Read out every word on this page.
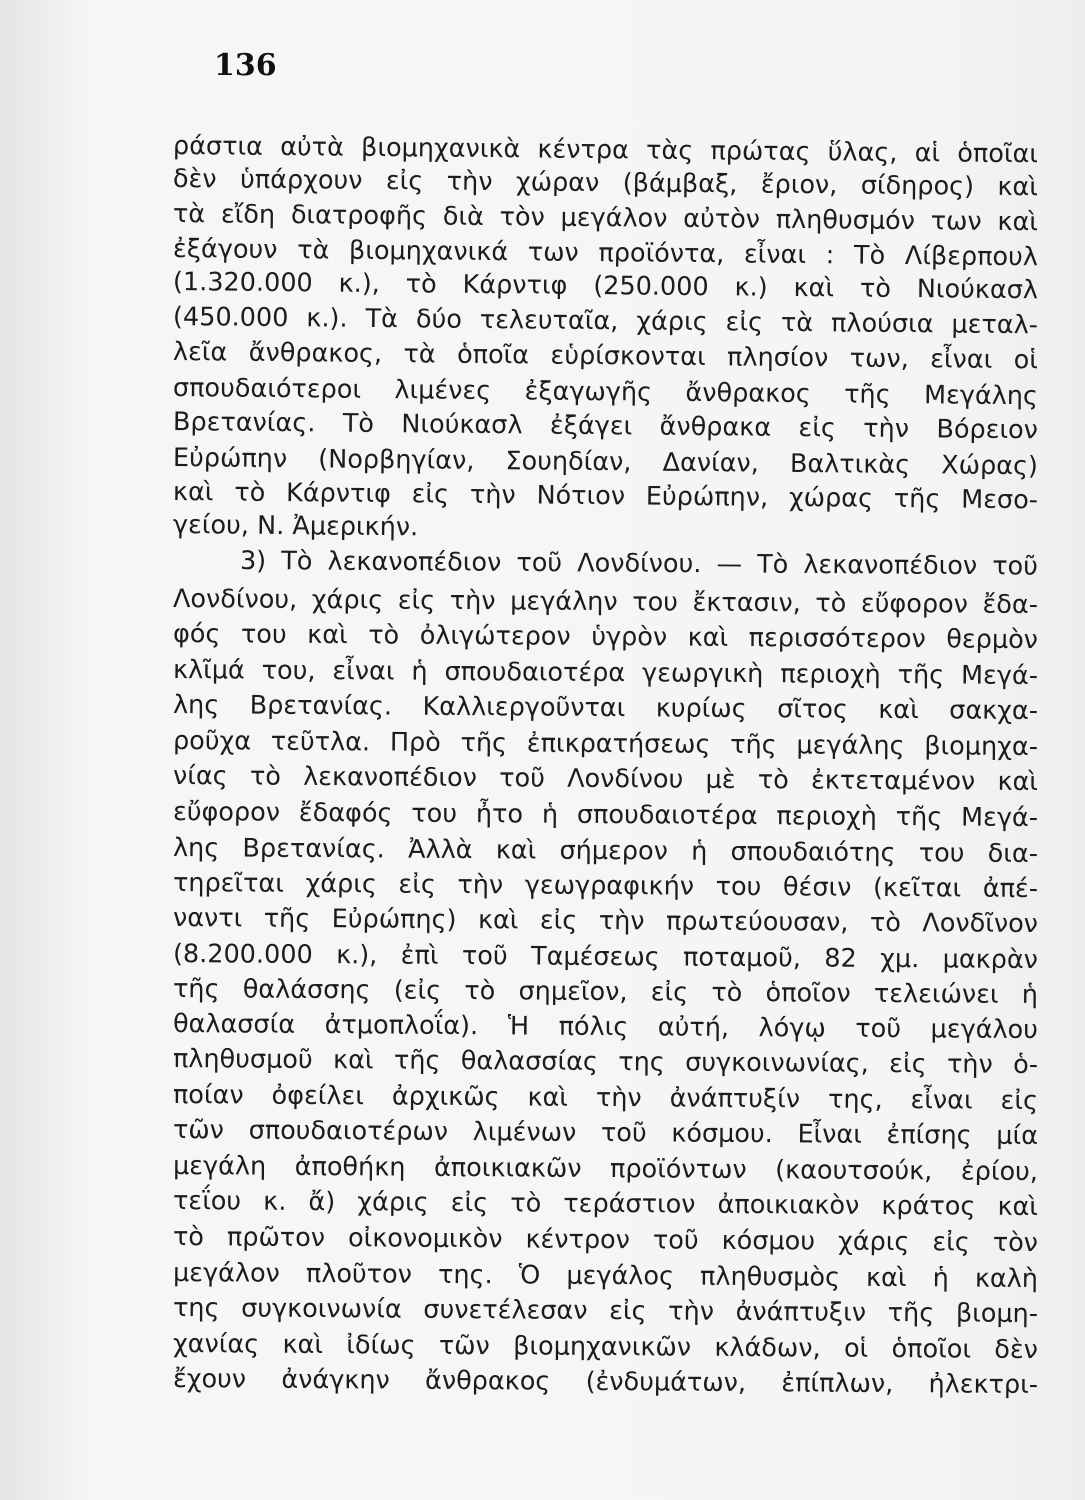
136
ράστια αὐτὰ βιομηχανικὰ κέντρα τὰς πρώτας ὕλας, αἱ ὁποῖαι
δὲν ὑπάρχουν εἰς τὴν χώραν (βάμβαξ, ἔριον, σίδηρος) καὶ
τὰ εἴδη διατροφῆς διὰ τὸν μεγάλον αὐτὸν πληθυσμόν των καὶ
ἐξάγουν τὰ βιομηχανικά των προϊόντα, εἶναι : Τὸ Λίβερπουλ
(1.320.000 κ.), τὸ Κάρντιφ (250.000 κ.) καὶ τὸ Νιούκασλ
(450.000 κ.). Τὰ δύο τελευταῖα, χάρις εἰς τὰ πλούσια μεταλ-
λεῖα ἄνθρακος, τὰ ὁποῖα εὑρίσκονται πλησίον των, εἶναι οἱ
σπουδαιότεροι λιμένες ἐξαγωγῆς ἄνθρακος τῆς Μεγάλης
Βρετανίας. Τὸ Νιούκασλ ἐξάγει ἄνθρακα εἰς τὴν Βόρειον
Εὐρώπην (Νορβηγίαν, Σουηδίαν, Δανίαν, Βαλτικὰς Χώρας)
καὶ τὸ Κάρντιφ εἰς τὴν Νότιον Εὐρώπην, χώρας τῆς Μεσο-
γείου, Ν. Ἀμερικήν.
3) Τὸ λεκανοπέδιον τοῦ Λονδίνου. — Τὸ λεκανοπέδιον τοῦ
Λονδίνου, χάρις εἰς τὴν μεγάλην του ἔκτασιν, τὸ εὔφορον ἔδα-
φός του καὶ τὸ ὀλιγώτερον ὑγρὸν καὶ περισσότερον θερμὸν
κλῖμά του, εἶναι ἡ σπουδαιοτέρα γεωργικὴ περιοχὴ τῆς Μεγά-
λης Βρετανίας. Καλλιεργοῦνται κυρίως σῖτος καὶ σακχα-
ροῦχα τεῦτλα. Πρὸ τῆς ἐπικρατήσεως τῆς μεγάλης βιομηχα-
νίας τὸ λεκανοπέδιον τοῦ Λονδίνου μὲ τὸ ἐκτεταμένον καὶ
εὔφορον ἔδαφός του ἦτο ἡ σπουδαιοτέρα περιοχὴ τῆς Μεγά-
λης Βρετανίας. Ἀλλὰ καὶ σήμερον ἡ σπουδαιότης του δια-
τηρεῖται χάρις εἰς τὴν γεωγραφικήν του θέσιν (κεῖται ἀπέ-
ναντι τῆς Εὐρώπης) καὶ εἰς τὴν πρωτεύουσαν, τὸ Λονδῖνον
(8.200.000 κ.), ἐπὶ τοῦ Ταμέσεως ποταμοῦ, 82 χμ. μακρὰν
τῆς θαλάσσης (εἰς τὸ σημεῖον, εἰς τὸ ὁποῖον τελειώνει ἡ
θαλασσία ἀτμοπλοΐα). Ἡ πόλις αὐτή, λόγῳ τοῦ μεγάλου
πληθυσμοῦ καὶ τῆς θαλασσίας της συγκοινωνίας, εἰς τὴν ὁ-
ποίαν ὀφείλει ἀρχικῶς καὶ τὴν ἀνάπτυξίν της, εἶναι εἰς
τῶν σπουδαιοτέρων λιμένων τοῦ κόσμου. Εἶναι ἐπίσης μία
μεγάλη ἀποθήκη ἀποικιακῶν προϊόντων (καουτσούκ, ἐρίου,
τεΐου κ. ἄ) χάρις εἰς τὸ τεράστιον ἀποικιακὸν κράτος καὶ
τὸ πρῶτον οἰκονομικὸν κέντρον τοῦ κόσμου χάρις εἰς τὸν
μεγάλον πλοῦτον της. Ὁ μεγάλος πληθυσμὸς καὶ ἡ καλὴ
της συγκοινωνία συνετέλεσαν εἰς τὴν ἀνάπτυξιν τῆς βιομη-
χανίας καὶ ἰδίως τῶν βιομηχανικῶν κλάδων, οἱ ὁποῖοι δὲν
ἔχουν ἀνάγκην ἄνθρακος (ἐνδυμάτων, ἐπίπλων, ἠλεκτρι-
